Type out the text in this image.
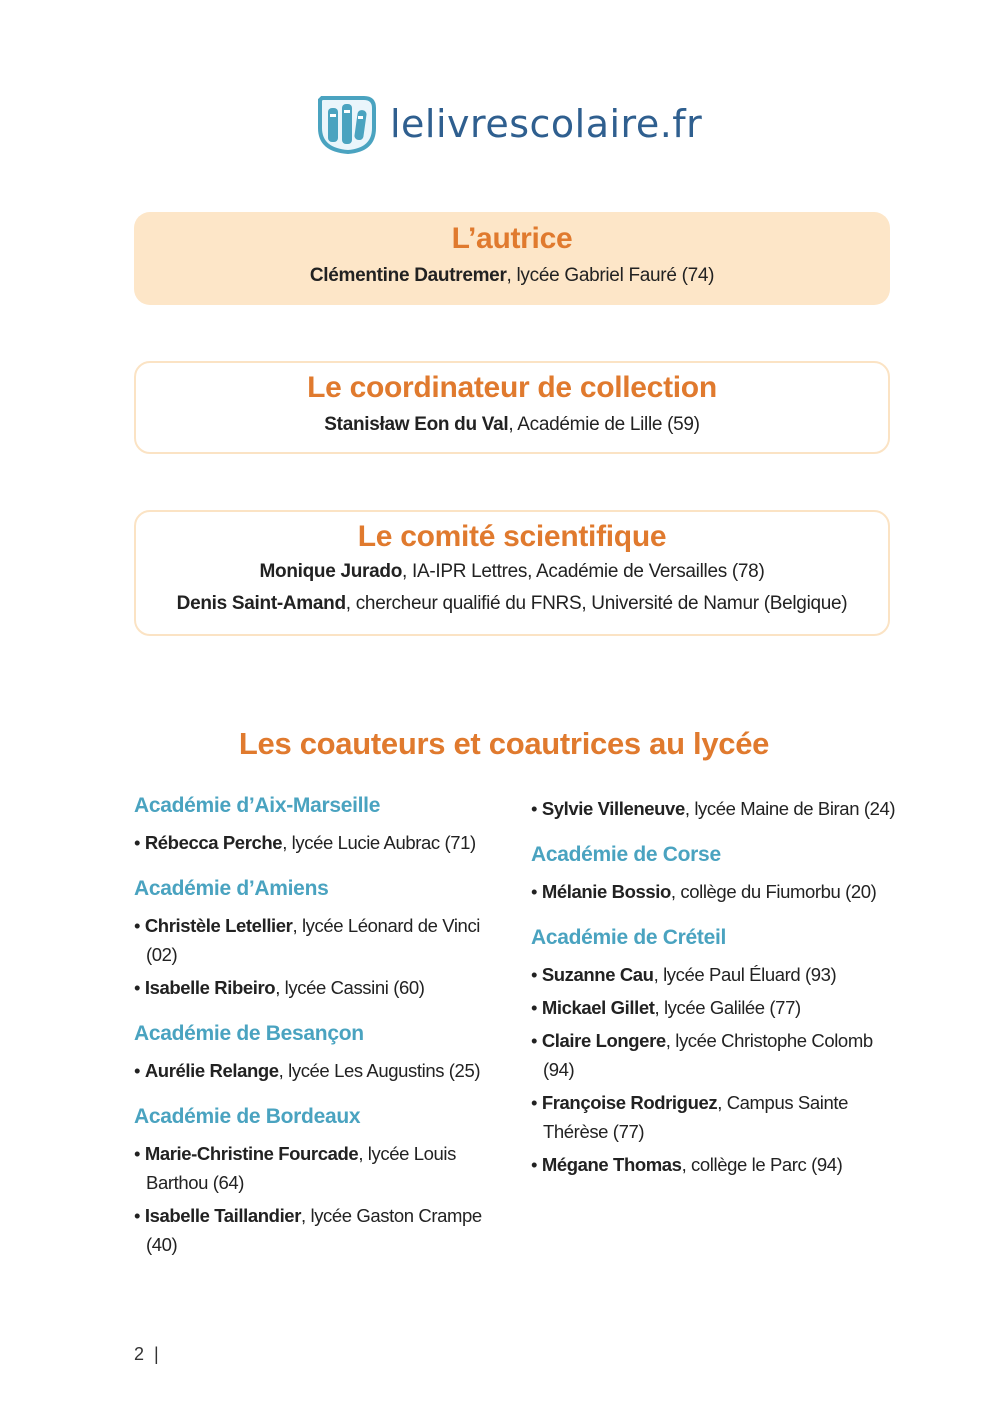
lelivrescolaire.fr
L’autrice

Clémentine Dautremer, lycée Gabriel Fauré (74)

Le coordinateur de collection

Stanisław Eon du Val, Académie de Lille (59)

Le comité scientifique

Monique Jurado, IA-IPR Lettres, Académie de Versailles (78)
Denis Saint-Amand, chercheur qualifié du FNRS, Université de Namur (Belgique)

Les coauteurs et coautrices au lycée
Académie d’Aix-Marseille
• Rébecca Perche, lycée Lucie Aubrac (71)
Académie d’Amiens
• Christèle Letellier, lycée Léonard de Vinci (02)
• Isabelle Ribeiro, lycée Cassini (60)
Académie de Besançon
• Aurélie Relange, lycée Les Augustins (25)
Académie de Bordeaux
• Marie-Christine Fourcade, lycée Louis Barthou (64)
• Isabelle Taillandier, lycée Gaston Crampe (40)
• Sylvie Villeneuve, lycée Maine de Biran (24)
Académie de Corse
• Mélanie Bossio, collège du Fiumorbu (20)
Académie de Créteil
• Suzanne Cau, lycée Paul Éluard (93)
• Mickael Gillet, lycée Galilée (77)
• Claire Longere, lycée Christophe Colomb (94)
• Françoise Rodriguez, Campus Sainte Thérèse (77)
• Mégane Thomas, collège le Parc (94)
2 |
